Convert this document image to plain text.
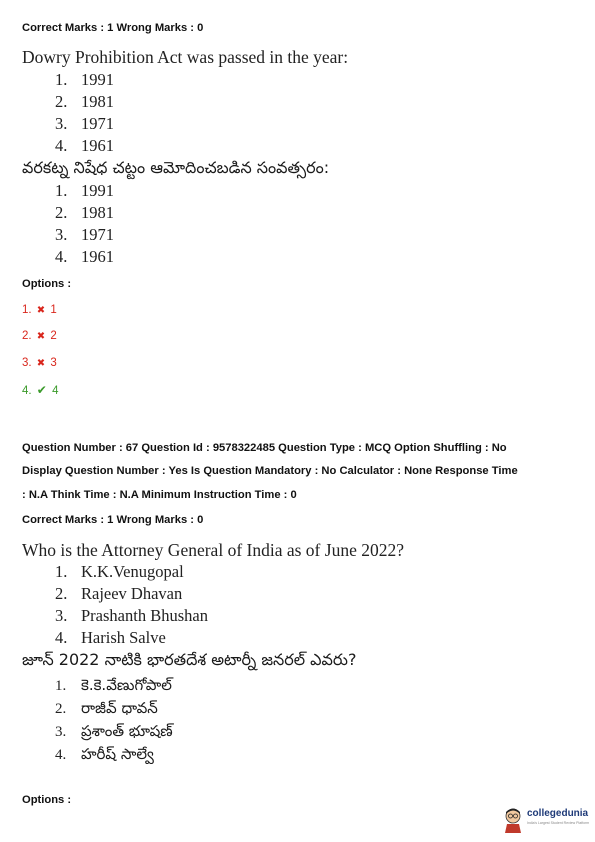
Correct Marks : 1 Wrong Marks : 0
Dowry Prohibition Act was passed in the year:
1. 1991
2. 1981
3. 1971
4. 1961
వరకట్న నిషేధ చట్టం ఆమోదించబడిన సంవత్సరం:
1. 1991
2. 1981
3. 1971
4. 1961
Options :
1. ✖ 1
2. ✖ 2
3. ✖ 3
4. ✔ 4
Question Number : 67 Question Id : 9578322485 Question Type : MCQ Option Shuffling : No
Display Question Number : Yes Is Question Mandatory : No Calculator : None Response Time
: N.A Think Time : N.A Minimum Instruction Time : 0
Correct Marks : 1 Wrong Marks : 0
Who is the Attorney General of India as of June 2022?
1. K.K.Venugopal
2. Rajeev Dhavan
3. Prashanth Bhushan
4. Harish Salve
జూన్ 2022 నాటికి భారతదేశ అటార్నీ జనరల్ ఎవరు?
1. కె.కె.వేణుగోపాల్
2. రాజీవ్ ధావన్
3. ప్రశాంత్ భూషణ్
4. హరీష్ సాల్వే
Options :
collegedunia
India's Largest Student Review Platform
